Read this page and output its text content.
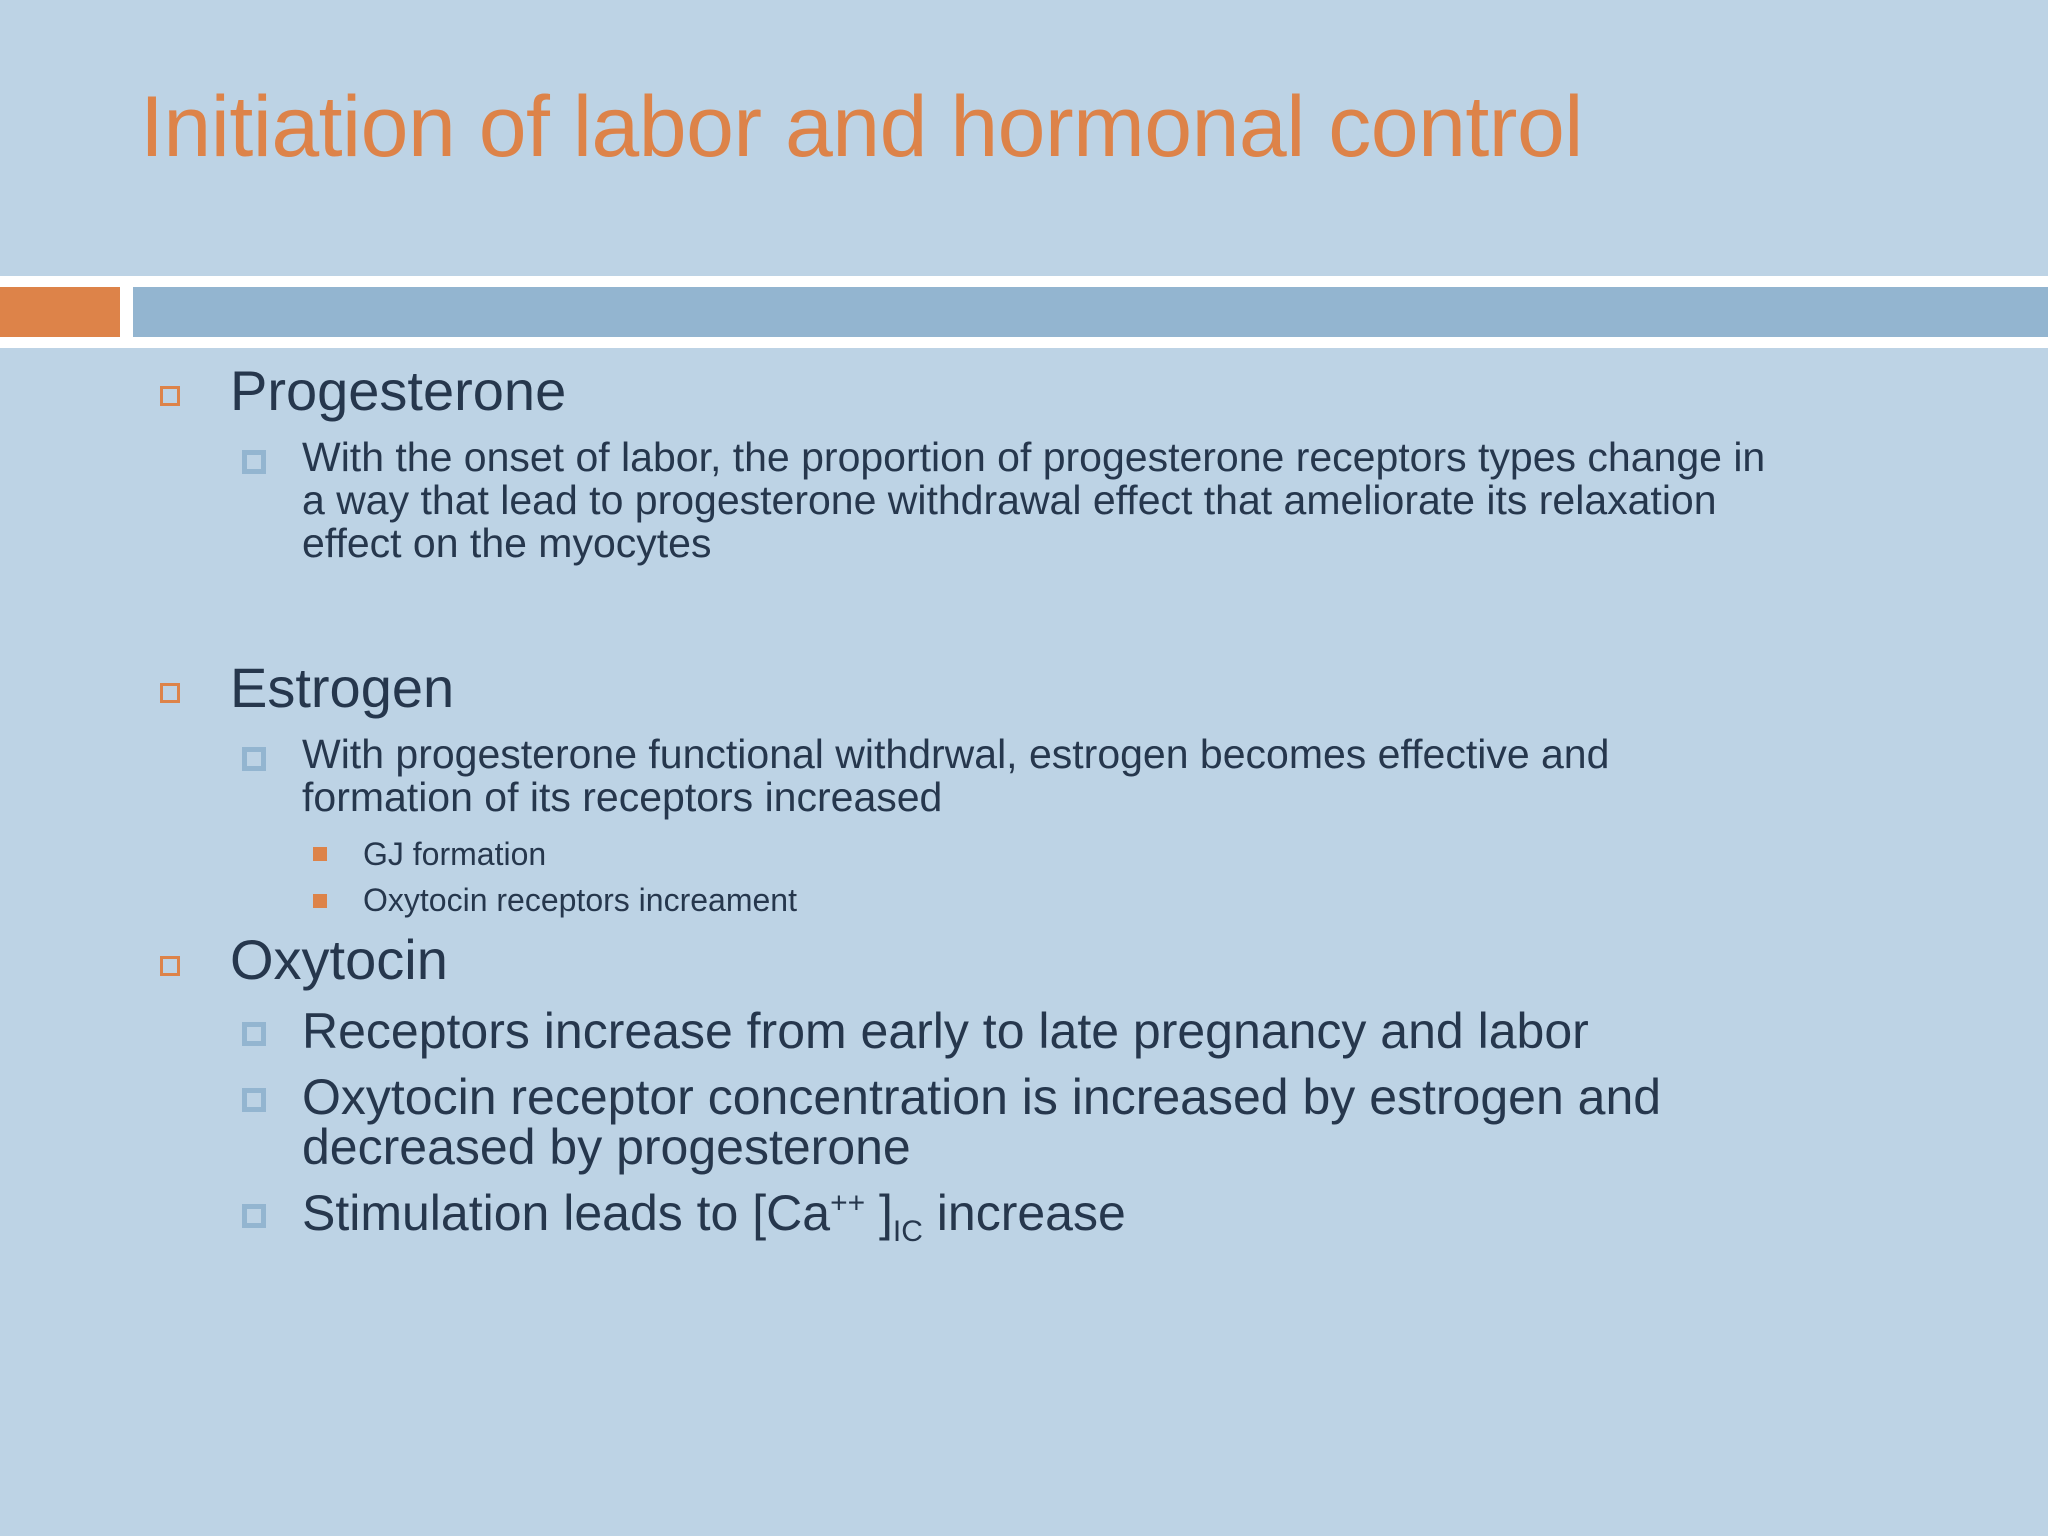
Initiation of labor and hormonal control
Progesterone
With the onset of labor, the proportion of progesterone receptors types change in
a way that lead to progesterone withdrawal effect that ameliorate its relaxation
effect on the myocytes
Estrogen
With progesterone functional withdrwal, estrogen becomes effective and
formation of its receptors increased
GJ formation
Oxytocin receptors increament
Oxytocin
Receptors increase from early to late pregnancy and labor
Oxytocin receptor concentration is increased by estrogen and
decreased by progesterone
Stimulation leads to [Ca++ ]$_{IC}$ increase
